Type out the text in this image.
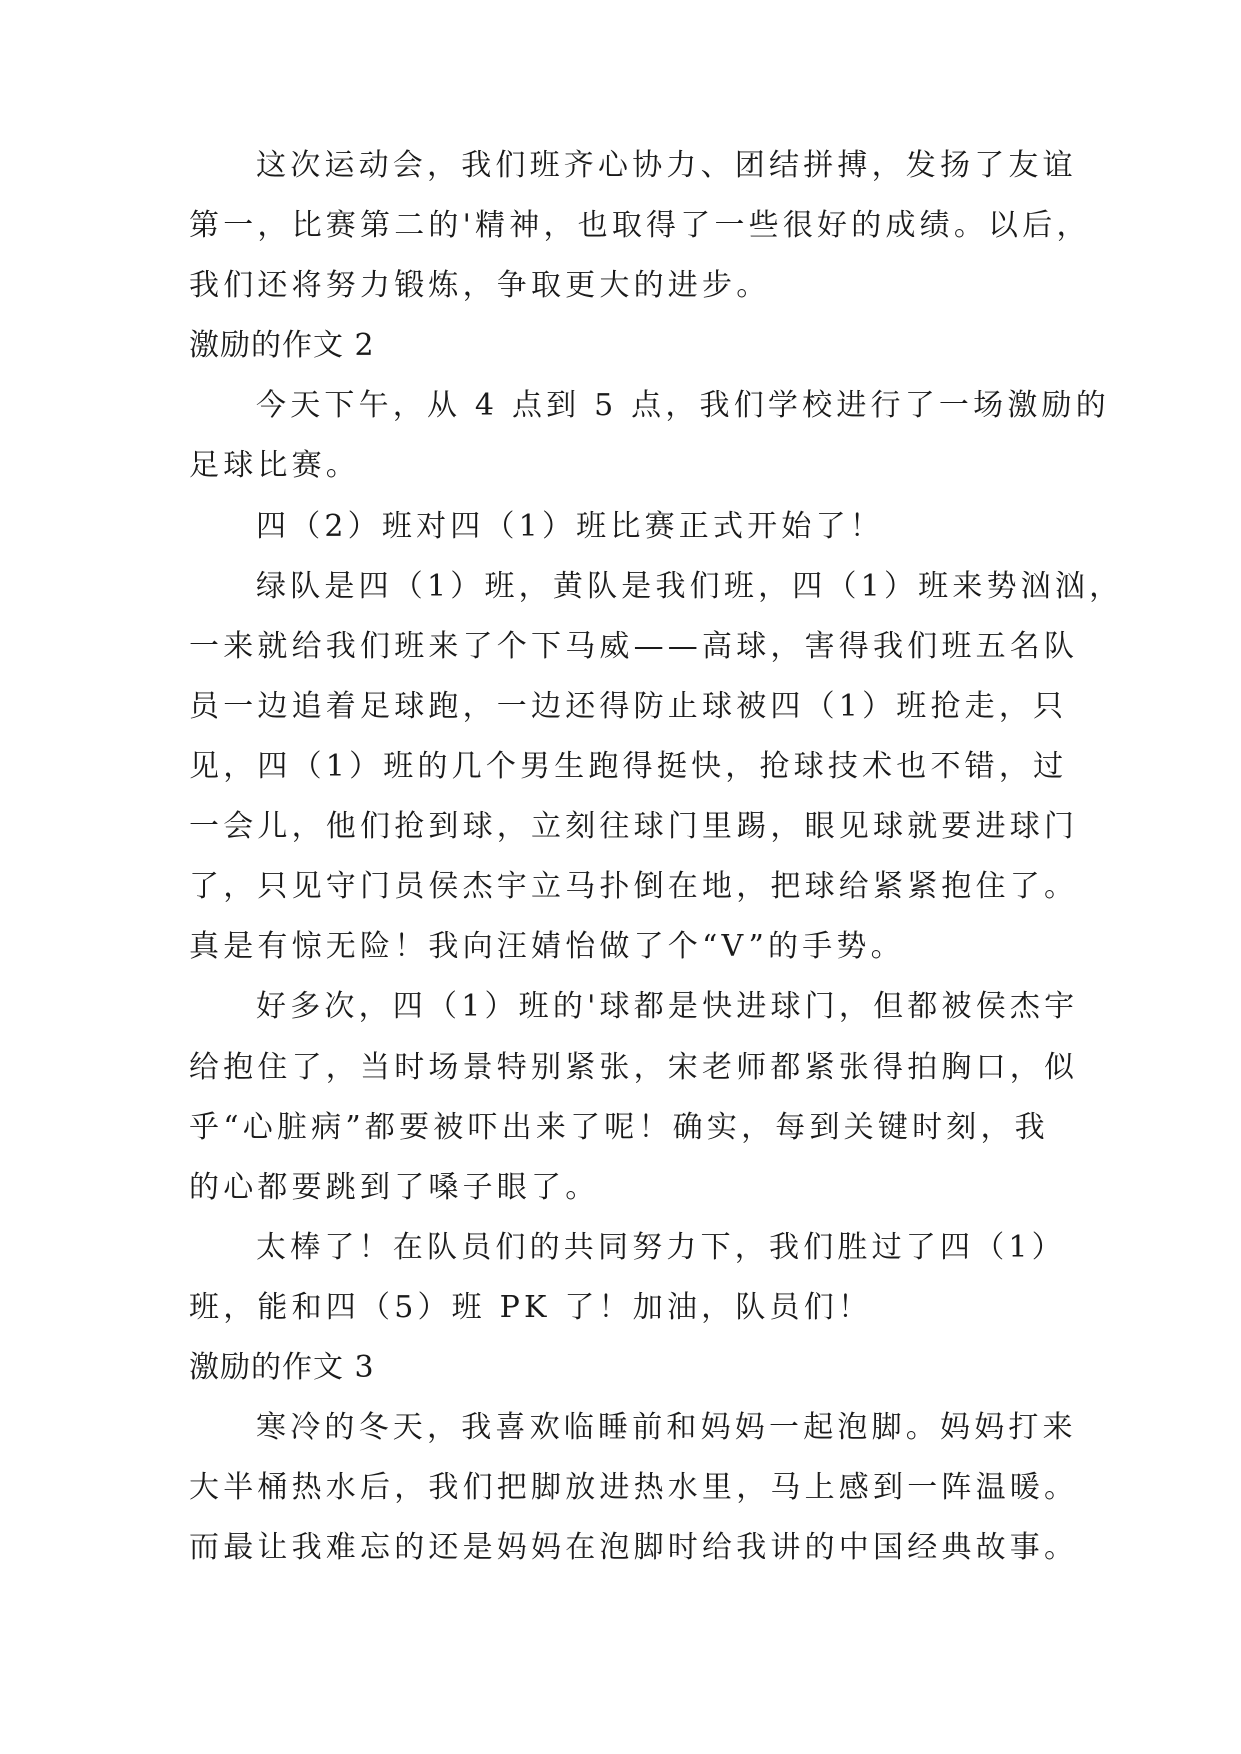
这次运动会，我们班齐心协力、团结拼搏，发扬了友谊

第一，比赛第二的'精神，也取得了一些很好的成绩。以后，

我们还将努力锻炼，争取更大的进步。

激励的作文 2

今天下午，从 4 点到 5 点，我们学校进行了一场激励的

足球比赛。

四（2）班对四（1）班比赛正式开始了！

绿队是四（1）班，黄队是我们班，四（1）班来势汹汹，

一来就给我们班来了个下马威——高球，害得我们班五名队

员一边追着足球跑，一边还得防止球被四（1）班抢走，只

见，四（1）班的几个男生跑得挺快，抢球技术也不错，过

一会儿，他们抢到球，立刻往球门里踢，眼见球就要进球门

了，只见守门员侯杰宇立马扑倒在地，把球给紧紧抱住了。

真是有惊无险！我向汪婧怡做了个“V”的手势。

好多次，四（1）班的'球都是快进球门，但都被侯杰宇

给抱住了，当时场景特别紧张，宋老师都紧张得拍胸口，似

乎“心脏病”都要被吓出来了呢！确实，每到关键时刻，我

的心都要跳到了嗓子眼了。

太棒了！在队员们的共同努力下，我们胜过了四（1）

班，能和四（5）班 PK 了！加油，队员们！

激励的作文 3

寒冷的冬天，我喜欢临睡前和妈妈一起泡脚。妈妈打来

大半桶热水后，我们把脚放进热水里，马上感到一阵温暖。

而最让我难忘的还是妈妈在泡脚时给我讲的中国经典故事。
